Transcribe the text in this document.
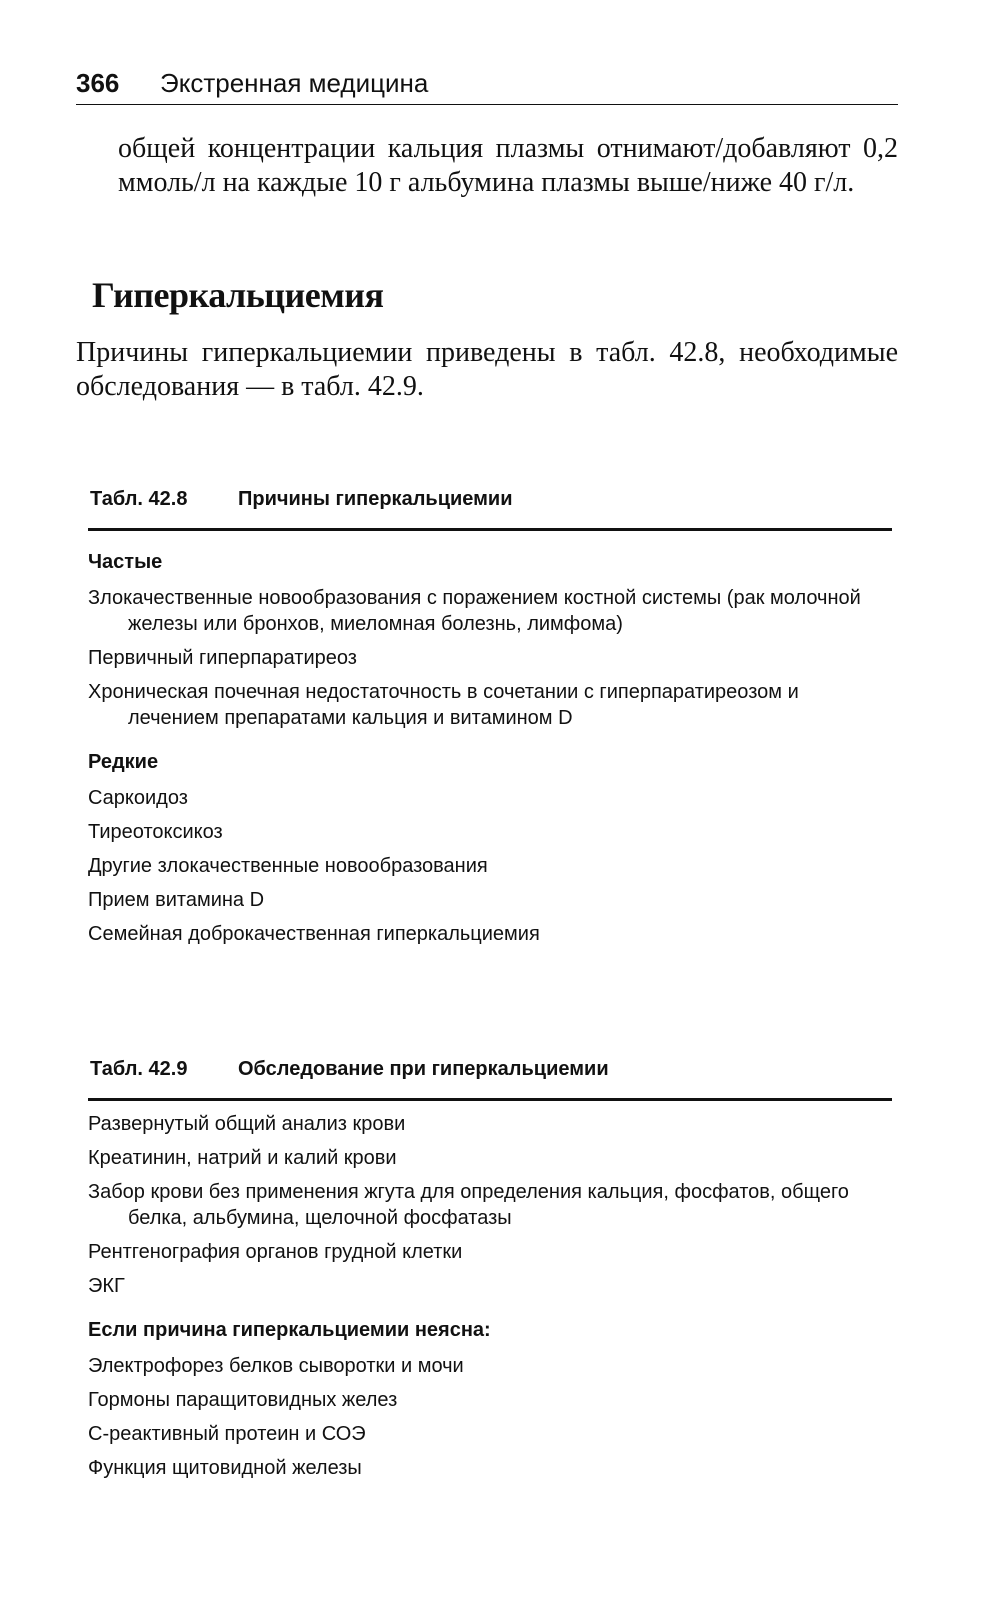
366 Экстренная медицина
общей концентрации кальция плазмы отнимают/добавляют 0,2 ммоль/л на каждые 10 г альбумина плазмы выше/ниже 40 г/л.
Гиперкальциемия
Причины гиперкальциемии приведены в табл. 42.8, необходимые обследования — в табл. 42.9.
Табл. 42.8	Причины гиперкальциемии
Частые
Злокачественные новообразования с поражением костной системы (рак молочной железы или бронхов, миеломная болезнь, лимфома)
Первичный гиперпаратиреоз
Хроническая почечная недостаточность в сочетании с гиперпаратиреозом и лечением препаратами кальция и витамином D
Редкие
Саркоидоз
Тиреотоксикоз
Другие злокачественные новообразования
Прием витамина D
Семейная доброкачественная гиперкальциемия
Табл. 42.9	Обследование при гиперкальциемии
Развернутый общий анализ крови
Креатинин, натрий и калий крови
Забор крови без применения жгута для определения кальция, фосфатов, общего белка, альбумина, щелочной фосфатазы
Рентгенография органов грудной клетки
ЭКГ
Если причина гиперкальциемии неясна:
Электрофорез белков сыворотки и мочи
Гормоны паращитовидных желез
С-реактивный протеин и СОЭ
Функция щитовидной железы
